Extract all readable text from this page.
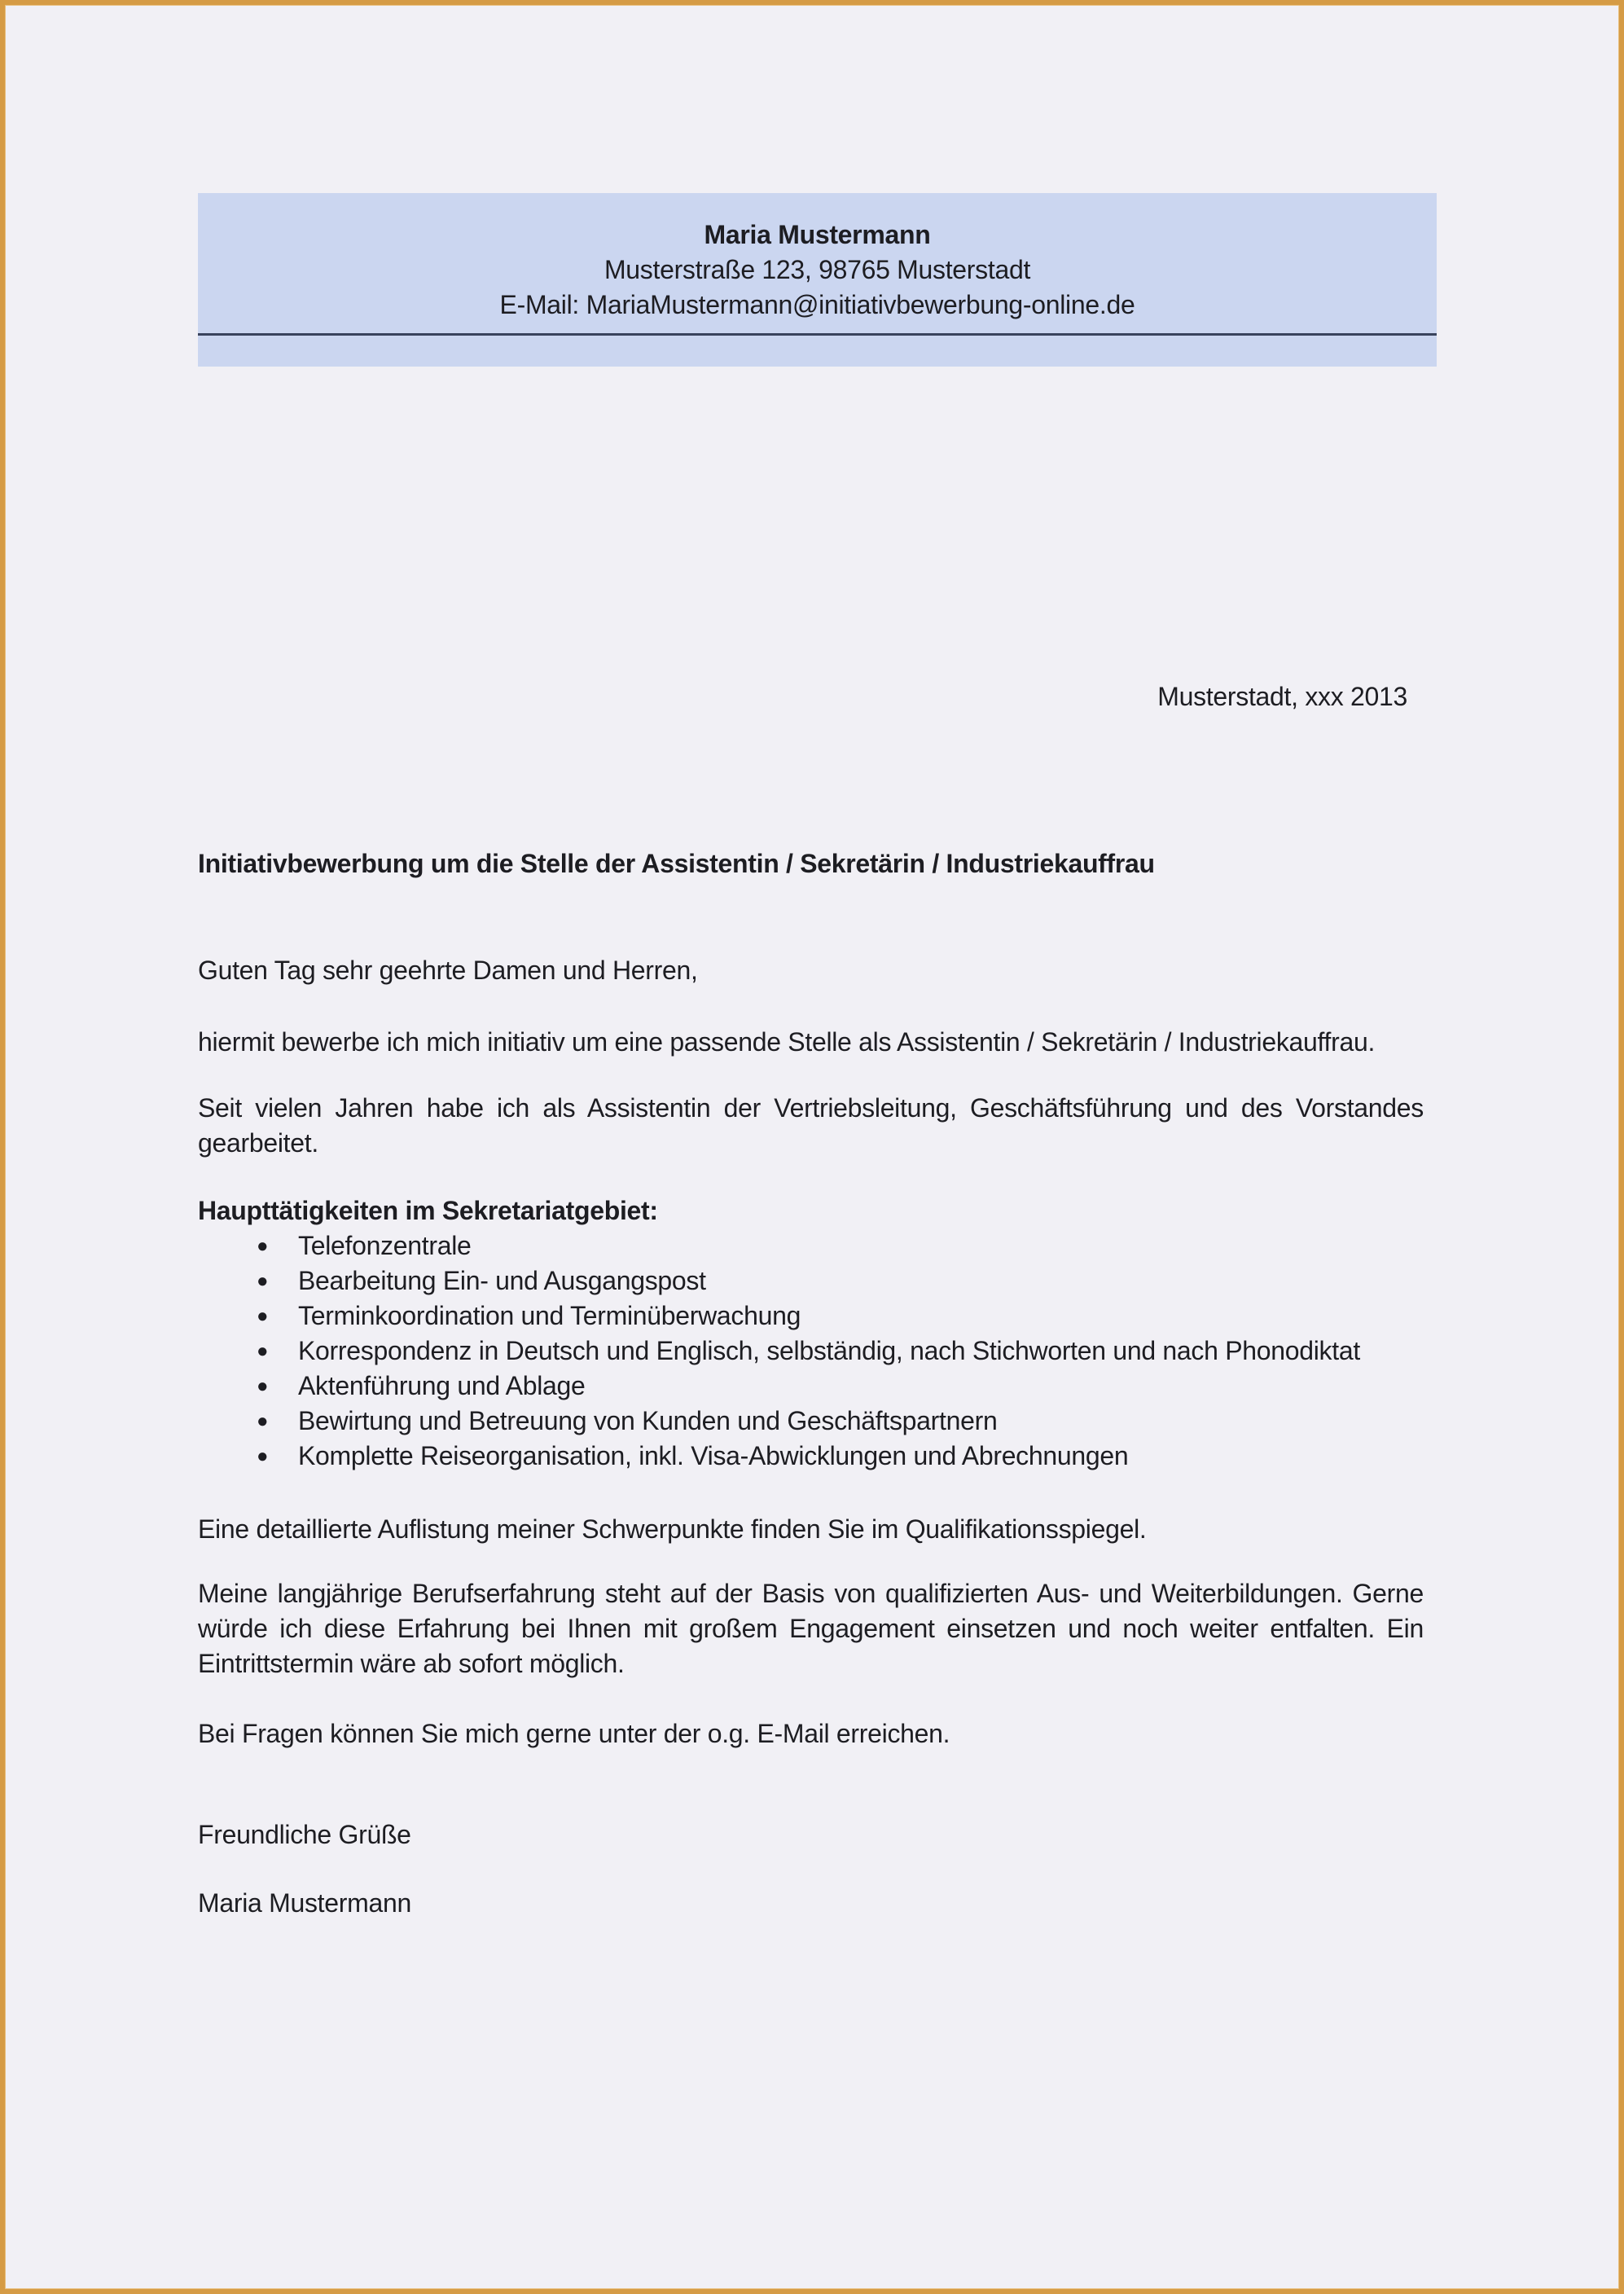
Maria Mustermann
Musterstraße 123, 98765 Musterstadt
E-Mail: MariaMustermann@initiativbewerbung-online.de
Musterstadt, xxx 2013
Initiativbewerbung um die Stelle der Assistentin / Sekretärin / Industriekauffrau

Guten Tag sehr geehrte Damen und Herren,

hiermit bewerbe ich mich initiativ um eine passende Stelle als Assistentin / Sekretärin / Industriekauffrau.

Seit vielen Jahren habe ich als Assistentin der Vertriebsleitung, Geschäftsführung und des Vorstandes gearbeitet.

Haupttätigkeiten im Sekretariatgebiet:
● Telefonzentrale
● Bearbeitung Ein- und Ausgangspost
● Terminkoordination und Terminüberwachung
● Korrespondenz in Deutsch und Englisch, selbständig, nach Stichworten und nach Phonodiktat
● Aktenführung und Ablage
● Bewirtung und Betreuung von Kunden und Geschäftspartnern
● Komplette Reiseorganisation, inkl. Visa-Abwicklungen und Abrechnungen

Eine detaillierte Auflistung meiner Schwerpunkte finden Sie im Qualifikationsspiegel.

Meine langjährige Berufserfahrung steht auf der Basis von qualifizierten Aus- und Weiterbildungen. Gerne würde ich diese Erfahrung bei Ihnen mit großem Engagement einsetzen und noch weiter entfalten. Ein Eintrittstermin wäre ab sofort möglich.

Bei Fragen können Sie mich gerne unter der o.g. E-Mail erreichen.

Freundliche Grüße

Maria Mustermann
